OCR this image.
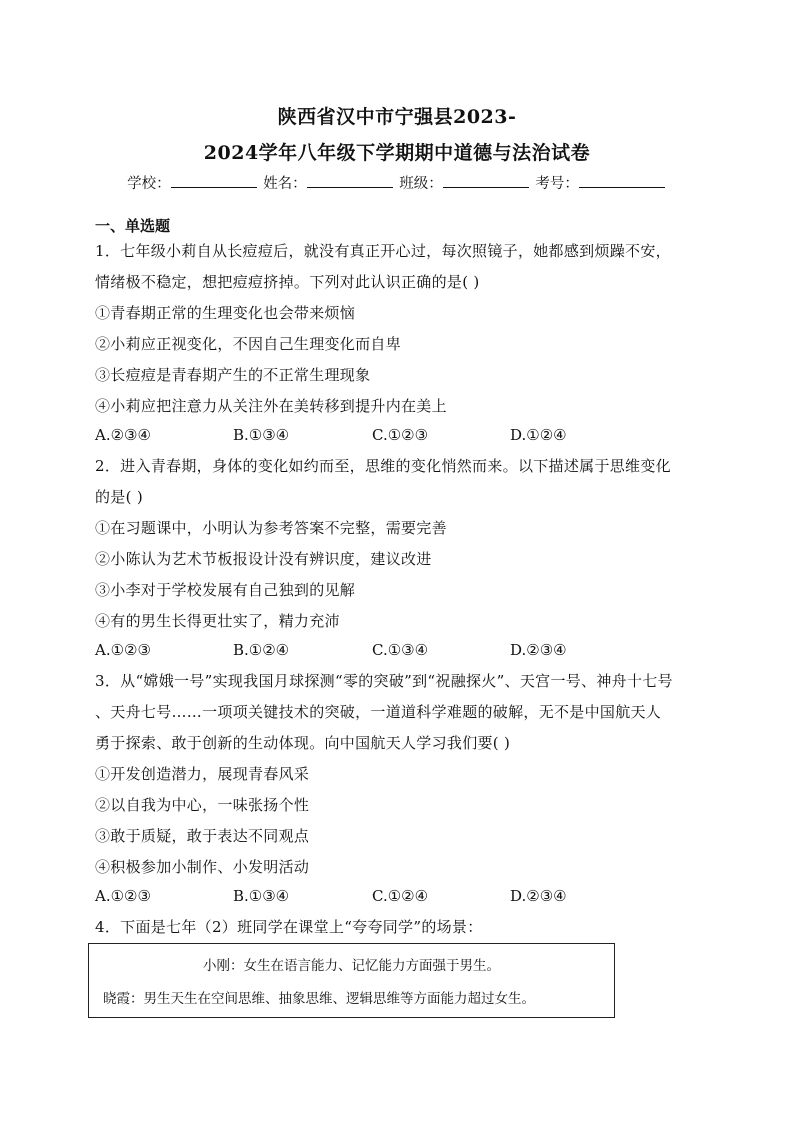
陕西省汉中市宁强县2023-
2024学年八年级下学期期中道德与法治试卷
学校：	姓名：	班级：	考号：
一、单选题
1．七年级小莉自从长痘痘后，就没有真正开心过，每次照镜子，她都感到烦躁不安，
情绪极不稳定，想把痘痘挤掉。下列对此认识正确的是( )
①青春期正常的生理变化也会带来烦恼
②小莉应正视变化，不因自己生理变化而自卑
③长痘痘是青春期产生的不正常生理现象
④小莉应把注意力从关注外在美转移到提升内在美上
A.②③④	B.①③④	C.①②③	D.①②④
2．进入青春期，身体的变化如约而至，思维的变化悄然而来。以下描述属于思维变化
的是( )
①在习题课中，小明认为参考答案不完整，需要完善
②小陈认为艺术节板报设计没有辨识度，建议改进
③小李对于学校发展有自己独到的见解
④有的男生长得更壮实了，精力充沛
A.①②③	B.①②④	C.①③④	D.②③④
3．从“嫦娥一号”实现我国月球探测“零的突破”到“祝融探火”、天宫一号、神舟十七号
、天舟七号……一项项关键技术的突破，一道道科学难题的破解，无不是中国航天人
勇于探索、敢于创新的生动体现。向中国航天人学习我们要( )
①开发创造潜力，展现青春风采
②以自我为中心，一味张扬个性
③敢于质疑，敢于表达不同观点
④积极参加小制作、小发明活动
A.①②③	B.①③④	C.①②④	D.②③④
4．下面是七年（2）班同学在课堂上“夸夸同学”的场景：
小刚：女生在语言能力、记忆能力方面强于男生。
晓霞：男生天生在空间思维、抽象思维、逻辑思维等方面能力超过女生。
